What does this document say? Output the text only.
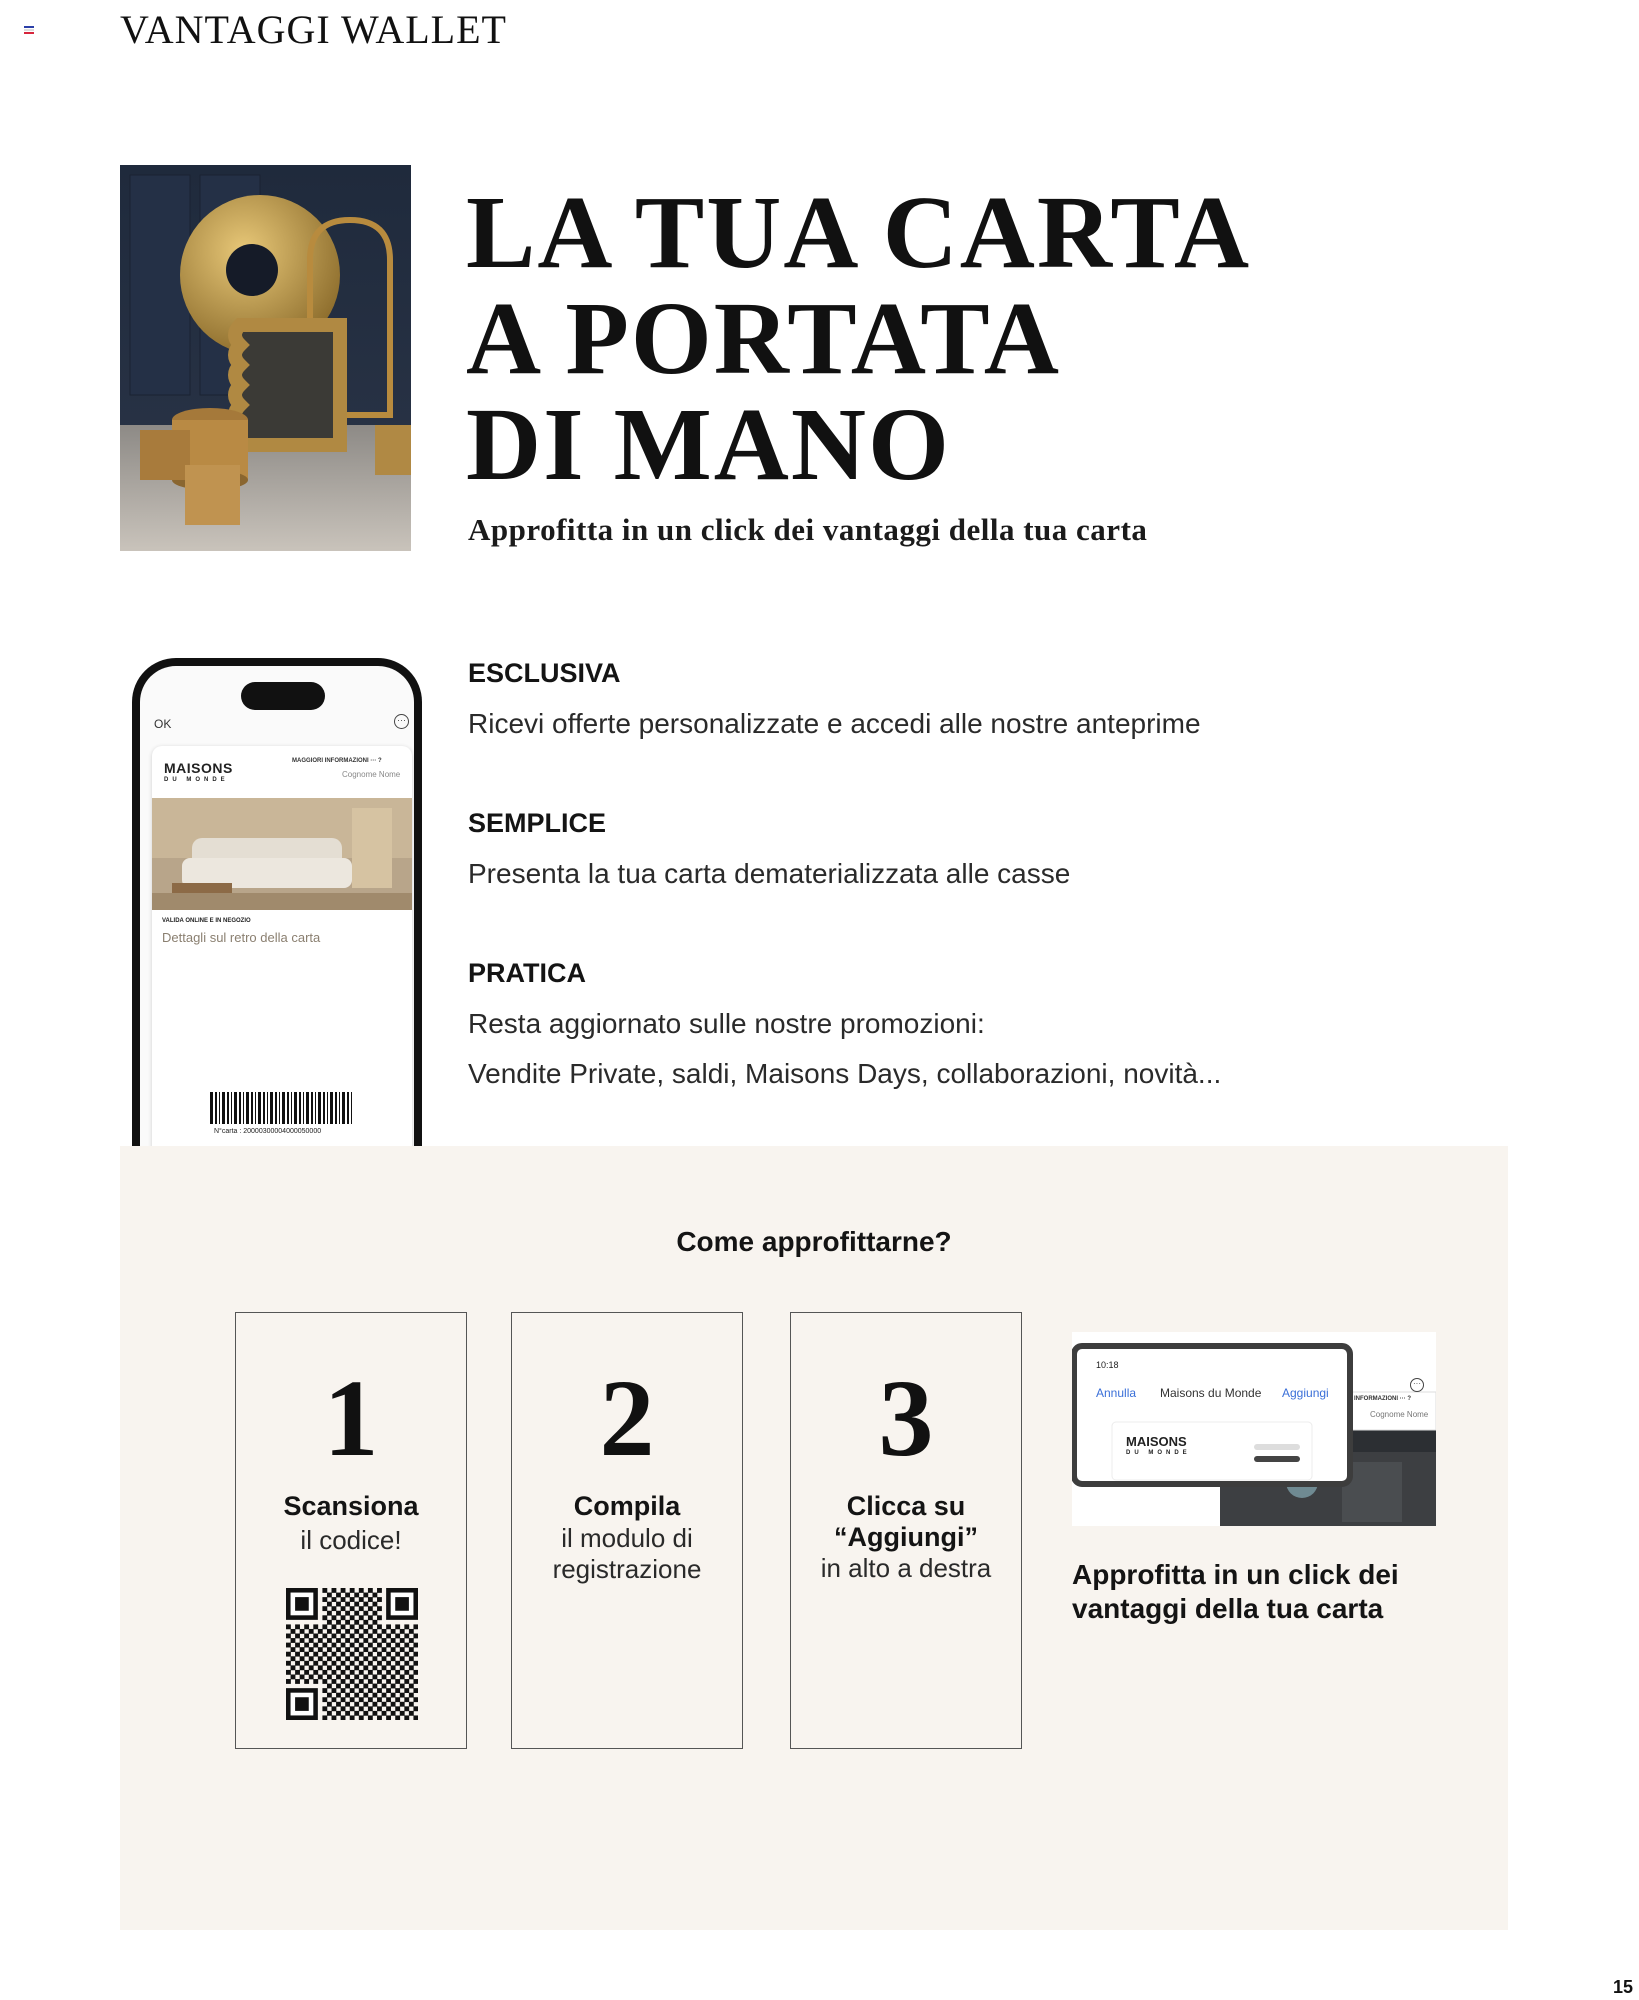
VANTAGGI WALLET
LA TUA CARTA
A PORTATA
DI MANO
Approfitta in un click dei vantaggi della tua carta
OK	···
MAISONS
DU MONDE
MAGGIORI INFORMAZIONI ··· ?
Cognome Nome
VALIDA ONLINE E IN NEGOZIO
Dettagli sul retro della carta
N°carta : 20000300004000050000
ESCLUSIVA
Ricevi offerte personalizzate e accedi alle nostre anteprime
SEMPLICE
Presenta la tua carta dematerializzata alle casse
PRATICA
Resta aggiornato sulle nostre promozioni:
Vendite Private, saldi, Maisons Days, collaborazioni, novità...
Come approfittarne?
1
Scansiona
il codice!
2
Compila
il modulo di
registrazione
3
Clicca su
“Aggiungi”
in alto a destra
10:18
Annulla Maisons du Monde Aggiungi
MAISONS
DU MONDE
INFORMAZIONI ··· ?
Cognome Nome
···
Approfitta in un click dei
vantaggi della tua carta
15
